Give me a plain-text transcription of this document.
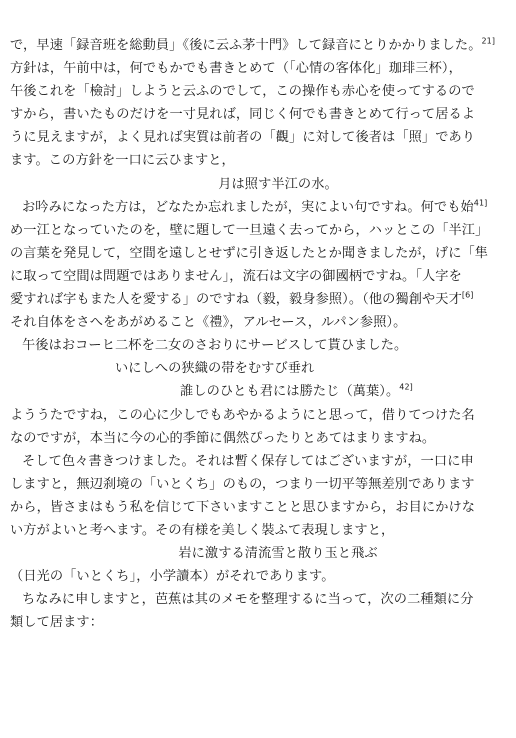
で，早速「録音班を総動員」《後に云ふ茅十門》して録音にとりかかりました。$^{21]}$
方針は，午前中は，何でもかでも書きとめて（「心情の客体化」珈琲三杯），
午後これを「檢討」しようと云ふのでして，この操作も赤心を使ってするので
すから，書いたものだけを一寸見れば，同じく何でも書きとめて行って居るよ
うに見えますが，よく見れば実質は前者の「觀」に対して後者は「照」であり
ます。この方針を一口に云ひますと，
月は照す半江の水。
お吟みになった方は，どなたか忘れましたが，実によい句ですね。何でも始$^{41]}$
め一江となっていたのを，壁に題して一旦遠く去ってから，ハッとこの「半江」
の言葉を発見して，空間を遠しとせずに引き返したとか聞きましたが，げに「隼
に取って空間は問題ではありません」，流石は文字の御國柄ですね。「人字を
愛すれば字もまた人を愛する」のですね（毅，毅身参照）。（他の獨創や天才[6]
それ自体をさへをあがめること《禮》，アルセース，ルパン参照）。
午後はおコーヒ二杯を二女のさおりにサービスして貰ひました。
いにしへの狭織の帯をむすび垂れ
誰しのひとも君には勝たじ（萬葉）。$^{42]}$
よううたですね，この心に少しでもあやかるようにと思って，借りてつけた名
なのですが，本当に今の心的季節に偶然ぴったりとあてはまりますね。
そして色々書きつけました。それは暫く保存してはございますが，一口に申
しますと，無辺刹境の「いとくち」のもの，つまり一切平等無差別であります
から，皆さまはもう私を信じて下さいますことと思ひますから，お目にかけな
い方がよいと考へます。その有様を美しく裝ふて表現しますと，
岩に激する清流雪と散り玉と飛ぶ
（日光の「いとくち」，小学讀本）がそれであります。
ちなみに申しますと，芭蕉は其のメモを整理するに当って，次の二種類に分
類して居ます：
